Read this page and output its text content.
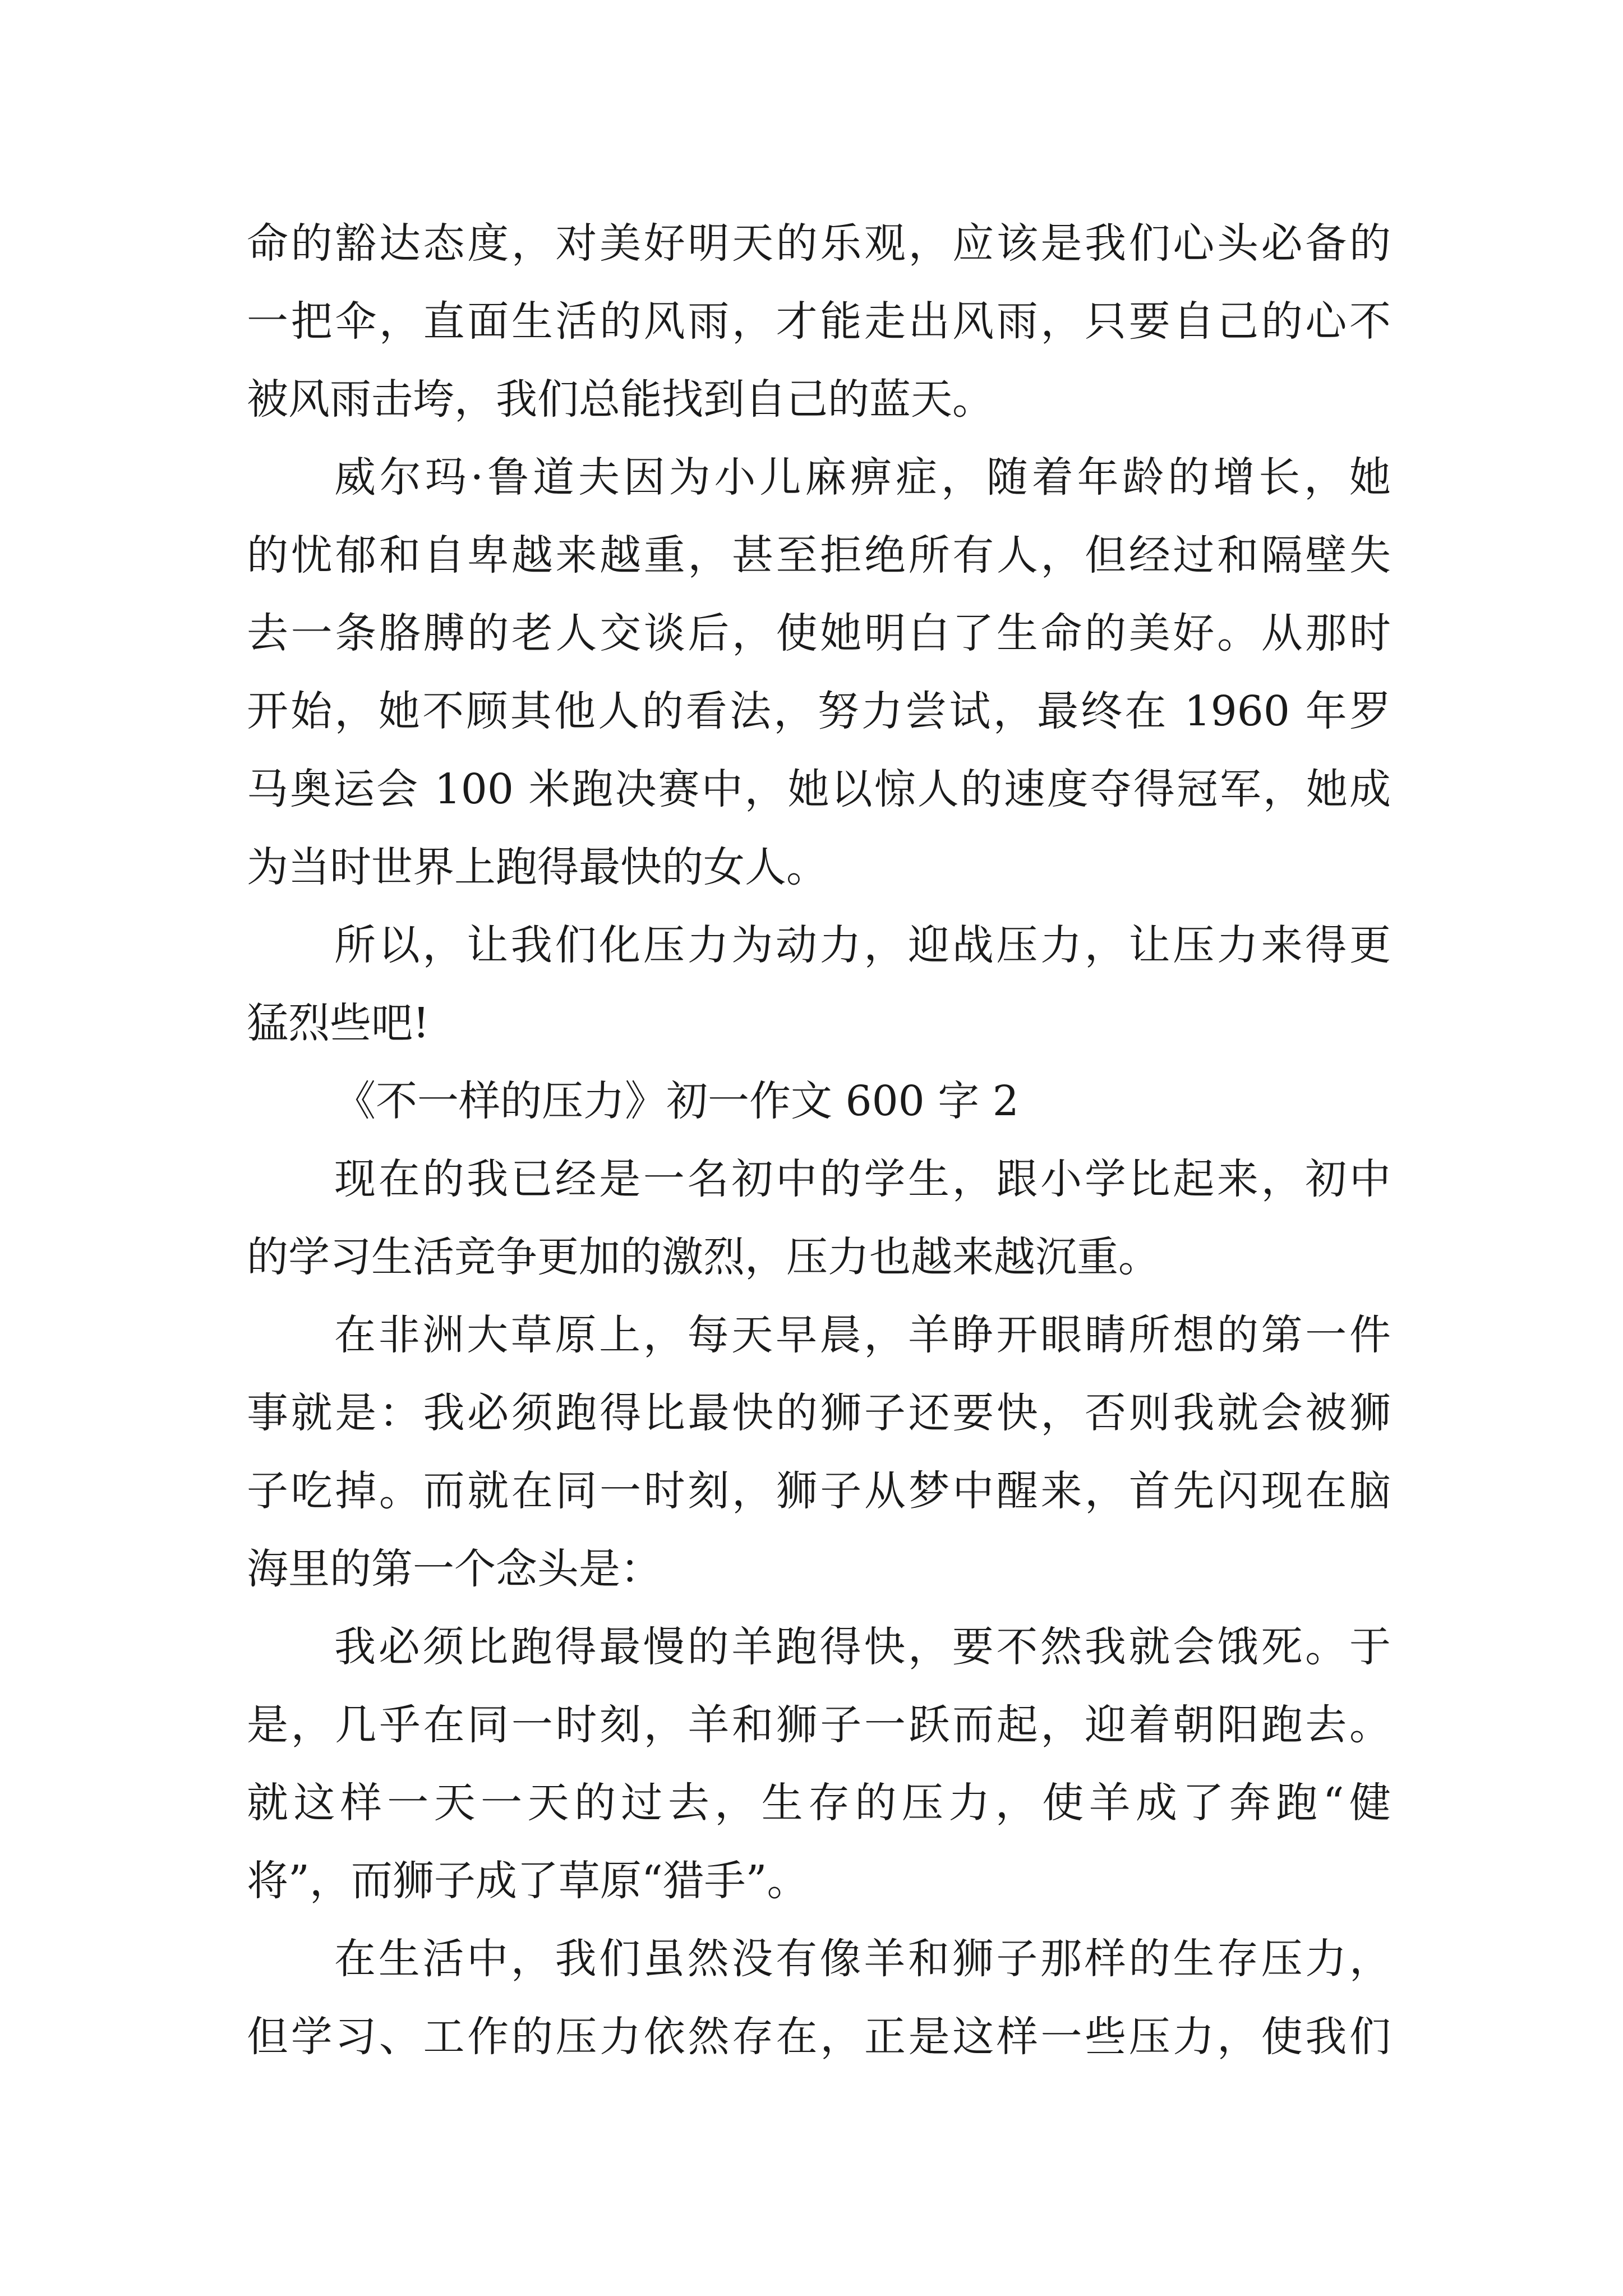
命的豁达态度，对美好明天的乐观，应该是我们心头必备的
一把伞，直面生活的风雨，才能走出风雨，只要自己的心不
被风雨击垮，我们总能找到自己的蓝天。
威尔玛·鲁道夫因为小儿麻痹症，随着年龄的增长，她
的忧郁和自卑越来越重，甚至拒绝所有人，但经过和隔壁失
去一条胳膊的老人交谈后，使她明白了生命的美好。从那时
开始，她不顾其他人的看法，努力尝试，最终在 1960 年罗
马奥运会 100 米跑决赛中，她以惊人的速度夺得冠军，她成
为当时世界上跑得最快的女人。
所以，让我们化压力为动力，迎战压力，让压力来得更
猛烈些吧!
《不一样的压力》初一作文 600 字 2
现在的我已经是一名初中的学生，跟小学比起来，初中
的学习生活竞争更加的激烈，压力也越来越沉重。
在非洲大草原上，每天早晨，羊睁开眼睛所想的第一件
事就是：我必须跑得比最快的狮子还要快，否则我就会被狮
子吃掉。而就在同一时刻，狮子从梦中醒来，首先闪现在脑
海里的第一个念头是：
我必须比跑得最慢的羊跑得快，要不然我就会饿死。于
是，几乎在同一时刻，羊和狮子一跃而起，迎着朝阳跑去。
就这样一天一天的过去，生存的压力，使羊成了奔跑“健
将”，而狮子成了草原“猎手”。
在生活中，我们虽然没有像羊和狮子那样的生存压力，
但学习、工作的压力依然存在，正是这样一些压力，使我们
